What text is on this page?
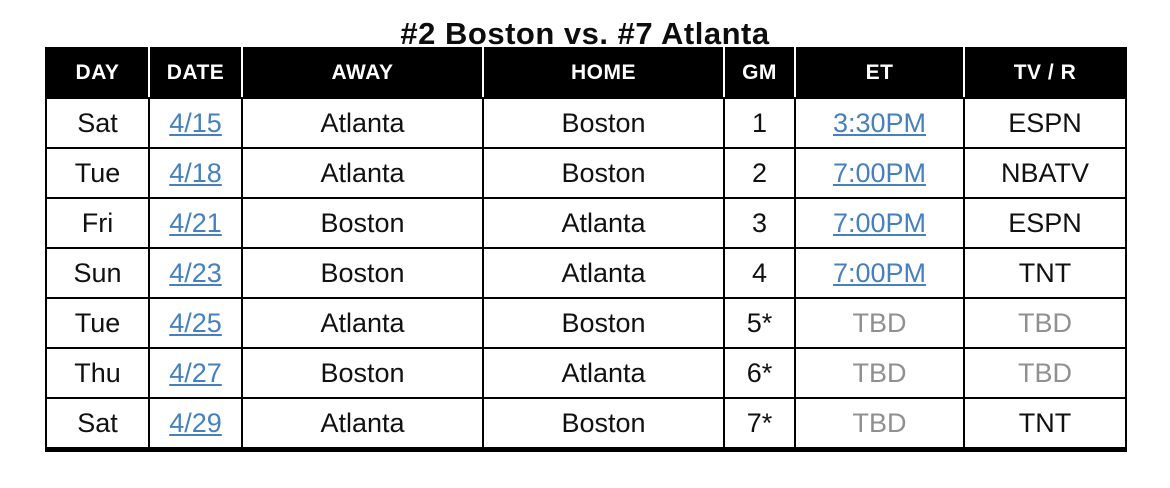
#2 Boston vs. #7 Atlanta
DAY	DATE	AWAY	HOME	GM	ET	TV / R
Sat	4/15	Atlanta	Boston	1	3:30PM	ESPN
Tue	4/18	Atlanta	Boston	2	7:00PM	NBATV
Fri	4/21	Boston	Atlanta	3	7:00PM	ESPN
Sun	4/23	Boston	Atlanta	4	7:00PM	TNT
Tue	4/25	Atlanta	Boston	5*	TBD	TBD
Thu	4/27	Boston	Atlanta	6*	TBD	TBD
Sat	4/29	Atlanta	Boston	7*	TBD	TNT
